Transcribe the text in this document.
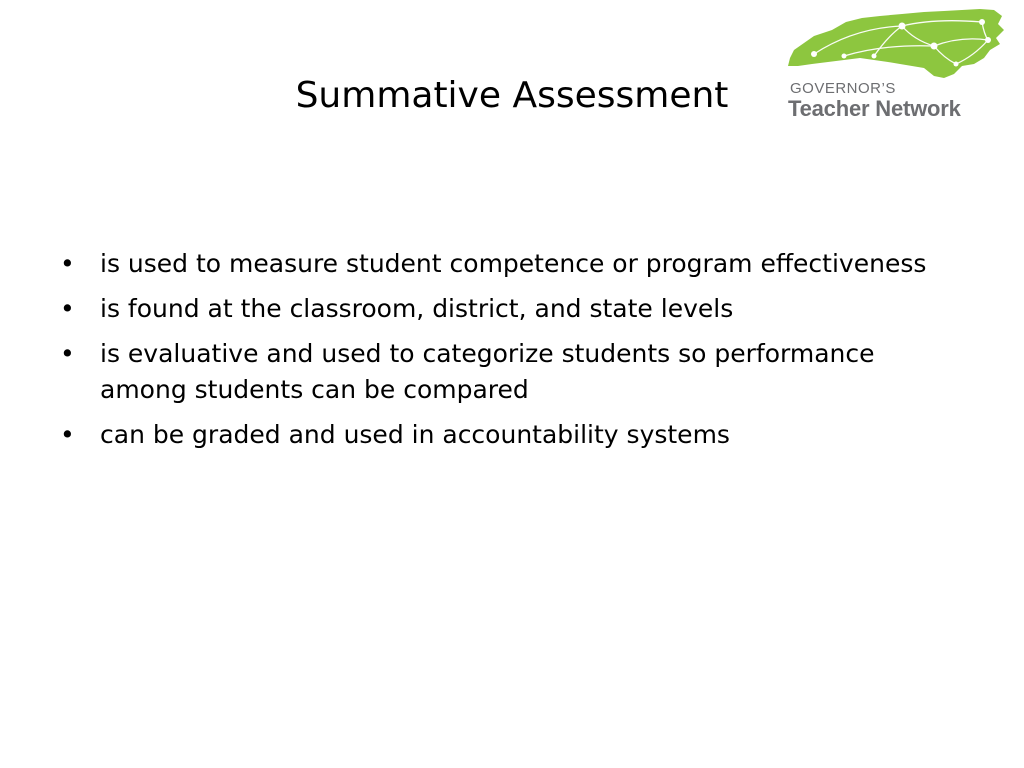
Summative Assessment	GOVERNOR’S
Teacher Network
• is used to measure student competence or program effectiveness
• is found at the classroom, district, and state levels
• is evaluative and used to categorize students so performance among students can be compared
• can be graded and used in accountability systems
